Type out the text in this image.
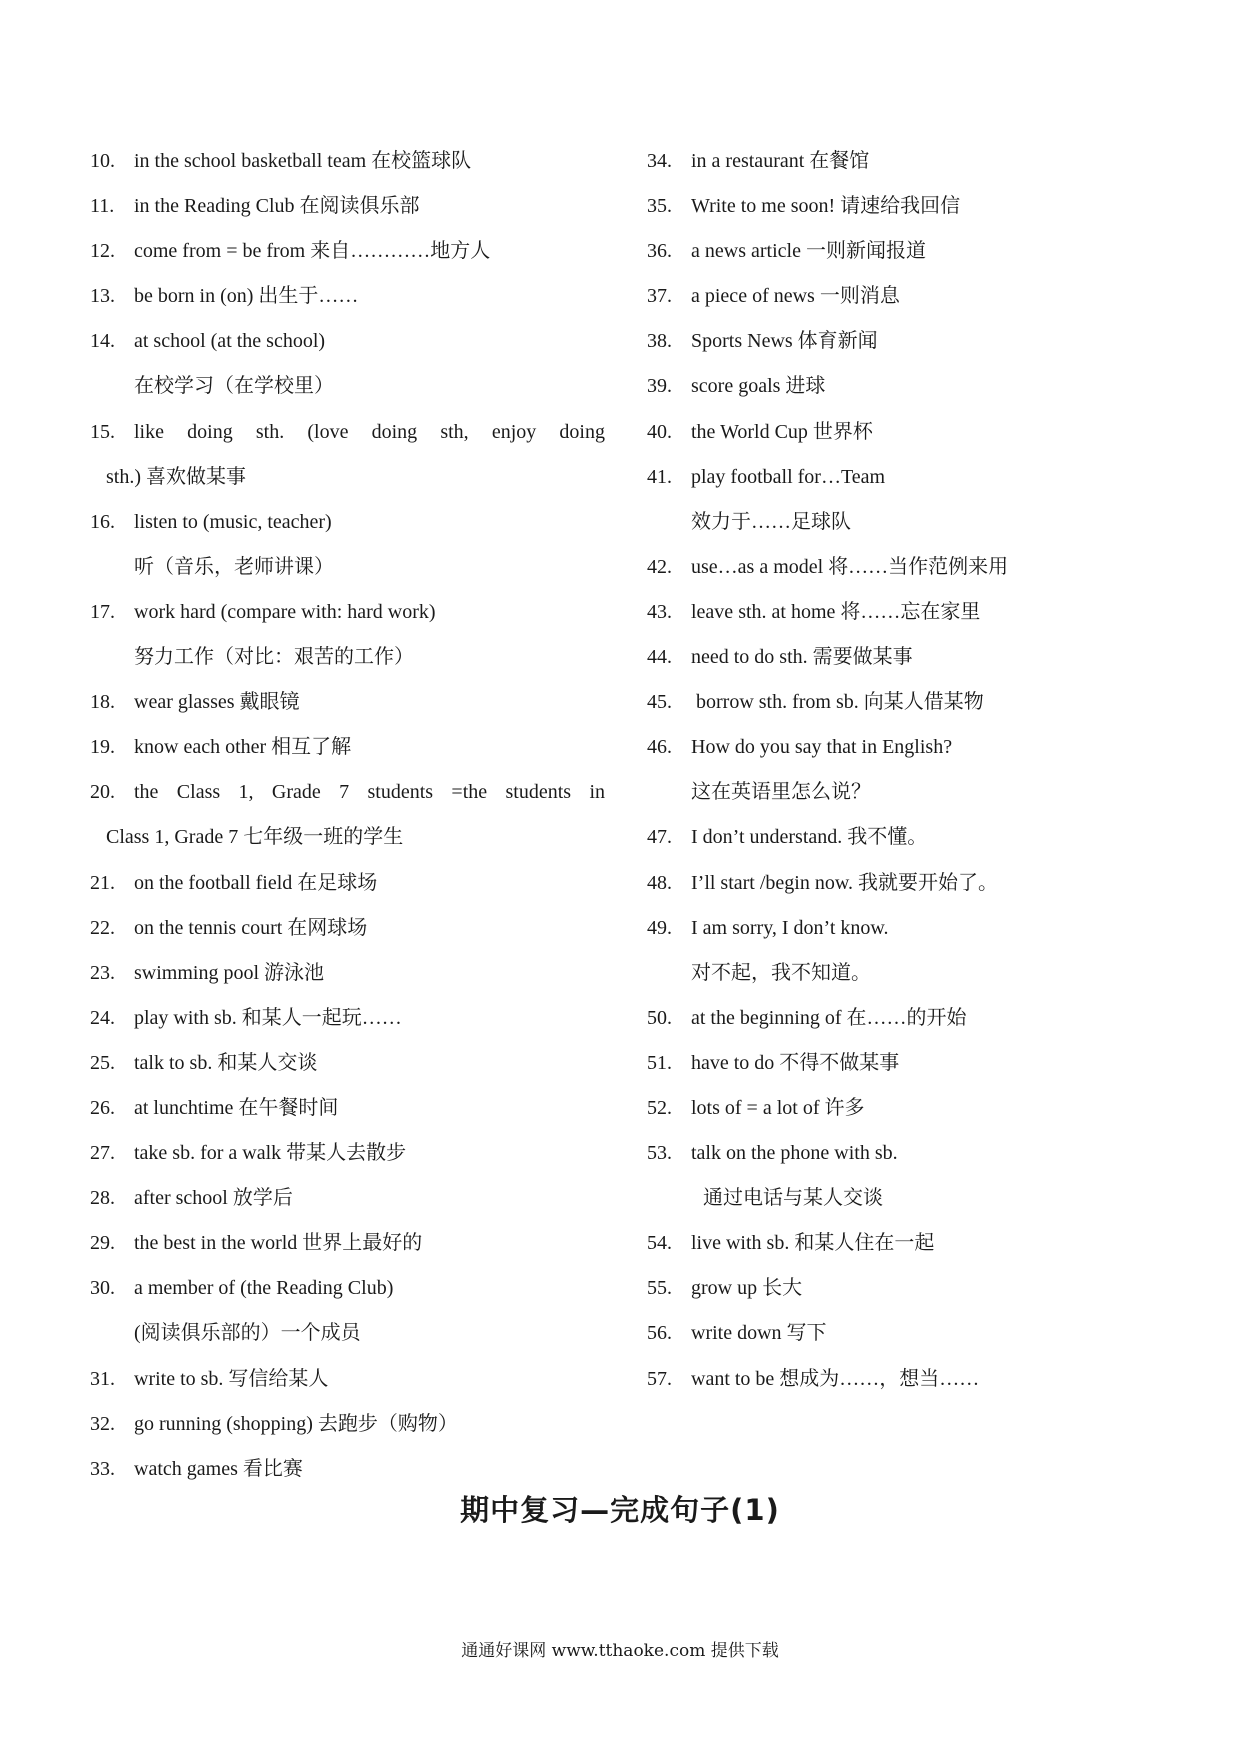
10. in the school basketball team 在校篮球队
11. in the Reading Club 在阅读俱乐部
12. come from = be from 来自…………地方人
13. be born in (on) 出生于……
14. at school (at the school)
在校学习（在学校里）
15. like doing sth. (love doing sth, enjoy doing
sth.) 喜欢做某事
16. listen to (music, teacher)
听（音乐，老师讲课）
17. work hard (compare with: hard work)
努力工作（对比：艰苦的工作）
18. wear glasses 戴眼镜
19. know each other 相互了解
20. the Class 1, Grade 7 students =the students in
Class 1, Grade 7 七年级一班的学生
21. on the football field 在足球场
22. on the tennis court 在网球场
23. swimming pool 游泳池
24. play with sb. 和某人一起玩……
25. talk to sb. 和某人交谈
26. at lunchtime 在午餐时间
27. take sb. for a walk 带某人去散步
28. after school 放学后
29. the best in the world 世界上最好的
30. a member of (the Reading Club)
(阅读俱乐部的）一个成员
31. write to sb. 写信给某人
32. go running (shopping) 去跑步（购物）
33. watch games 看比赛
34. in a restaurant 在餐馆
35. Write to me soon! 请速给我回信
36. a news article 一则新闻报道
37. a piece of news 一则消息
38. Sports News 体育新闻
39. score goals 进球
40. the World Cup 世界杯
41. play football for…Team
效力于……足球队
42. use…as a model 将……当作范例来用
43. leave sth. at home 将……忘在家里
44. need to do sth. 需要做某事
45. borrow sth. from sb. 向某人借某物
46. How do you say that in English?
这在英语里怎么说？
47. I don’t understand. 我不懂。
48. I’ll start /begin now. 我就要开始了。
49. I am sorry, I don’t know.
对不起，我不知道。
50. at the beginning of 在……的开始
51. have to do 不得不做某事
52. lots of = a lot of 许多
53. talk on the phone with sb.
通过电话与某人交谈
54. live with sb. 和某人住在一起
55. grow up 长大
56. write down 写下
57. want to be 想成为……，想当……
期中复习—完成句子(1)
通通好课网 www.tthaoke.com 提供下载
